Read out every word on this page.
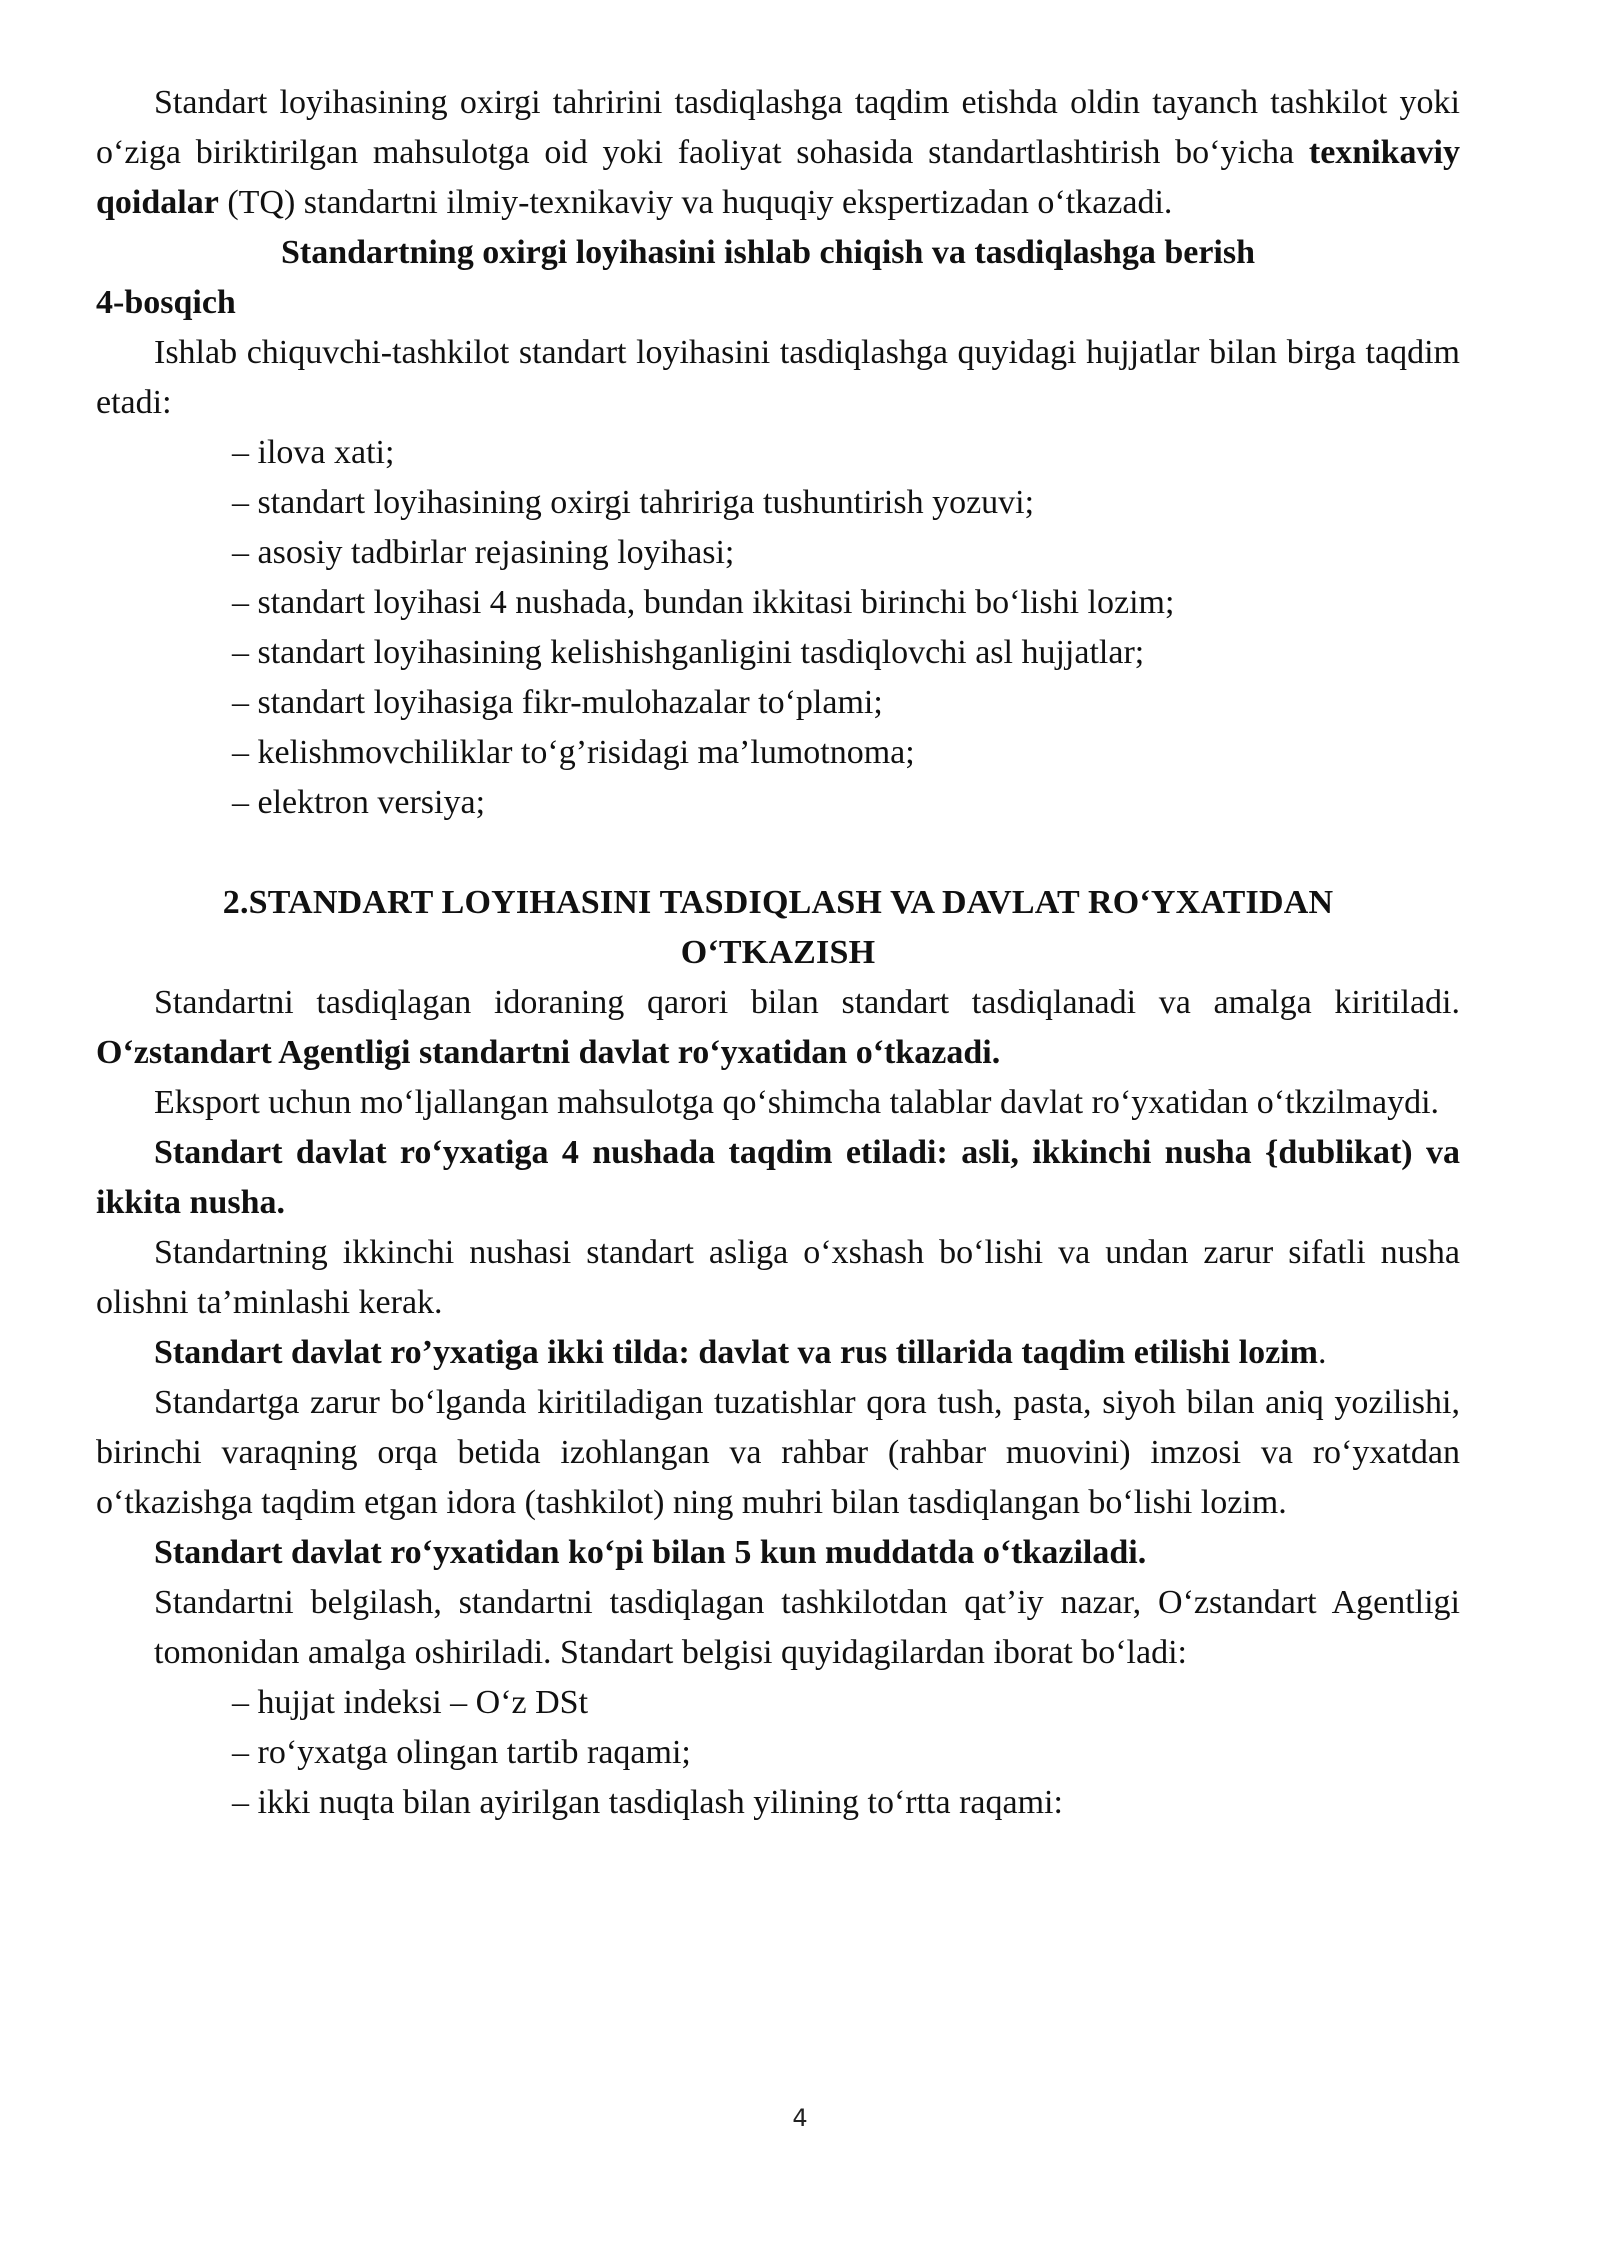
Standart loyihasining oxirgi tahririni tasdiqlashga taqdim etishda oldin tayanch tashkilot yoki o‘ziga biriktirilgan mahsulotga oid yoki faoliyat sohasida standartlashtirish bo‘yicha texnikaviy qoidalar (TQ) standartni ilmiy-texnikaviy va huquqiy ekspertizadan o‘tkazadi.

Standartning oxirgi loyihasini ishlab chiqish va tasdiqlashga berish

4-bosqich

Ishlab chiquvchi-tashkilot standart loyihasini tasdiqlashga quyidagi hujjatlar bilan birga taqdim etadi:

– ilova xati;
– standart loyihasining oxirgi tahririga tushuntirish yozuvi;
– asosiy tadbirlar rejasining loyihasi;
– standart loyihasi 4 nushada, bundan ikkitasi birinchi bo‘lishi lozim;
– standart loyihasining kelishishganligini tasdiqlovchi asl hujjatlar;
– standart loyihasiga fikr-mulohazalar to‘plami;
– kelishmovchiliklar to‘g’risidagi ma’lumotnoma;
– elektron versiya;

2.STANDART LOYIHASINI TASDIQLASH VA DAVLAT RO‘YXATIDAN

O‘TKAZISH

Standartni tasdiqlagan idoraning qarori bilan standart tasdiqlanadi va amalga kiritiladi. O‘zstandart Agentligi standartni davlat ro‘yxatidan o‘tkazadi.

Eksport uchun mo‘ljallangan mahsulotga qo‘shimcha talablar davlat ro‘yxatidan o‘tkzilmaydi.

Standart davlat ro‘yxatiga 4 nushada taqdim etiladi: asli, ikkinchi nusha {dublikat) va ikkita nusha.

Standartning ikkinchi nushasi standart asliga o‘xshash bo‘lishi va undan zarur sifatli nusha olishni ta’minlashi kerak.

Standart davlat ro’yxatiga ikki tilda: davlat va rus tillarida taqdim etilishi lozim.

Standartga zarur bo‘lganda kiritiladigan tuzatishlar qora tush, pasta, siyoh bilan aniq yozilishi, birinchi varaqning orqa betida izohlangan va rahbar (rahbar muovini) imzosi va ro‘yxatdan o‘tkazishga taqdim etgan idora (tashkilot) ning muhri bilan tasdiqlangan bo‘lishi lozim.

Standart davlat ro‘yxatidan ko‘pi bilan 5 kun muddatda o‘tkaziladi.

Standartni belgilash, standartni tasdiqlagan tashkilotdan qat’iy nazar, O‘zstandart Agentligi tomonidan amalga oshiriladi. Standart belgisi quyidagilardan iborat bo‘ladi:

– hujjat indeksi – O‘z DSt
– ro‘yxatga olingan tartib raqami;
– ikki nuqta bilan ayirilgan tasdiqlash yilining to‘rtta raqami:
4
